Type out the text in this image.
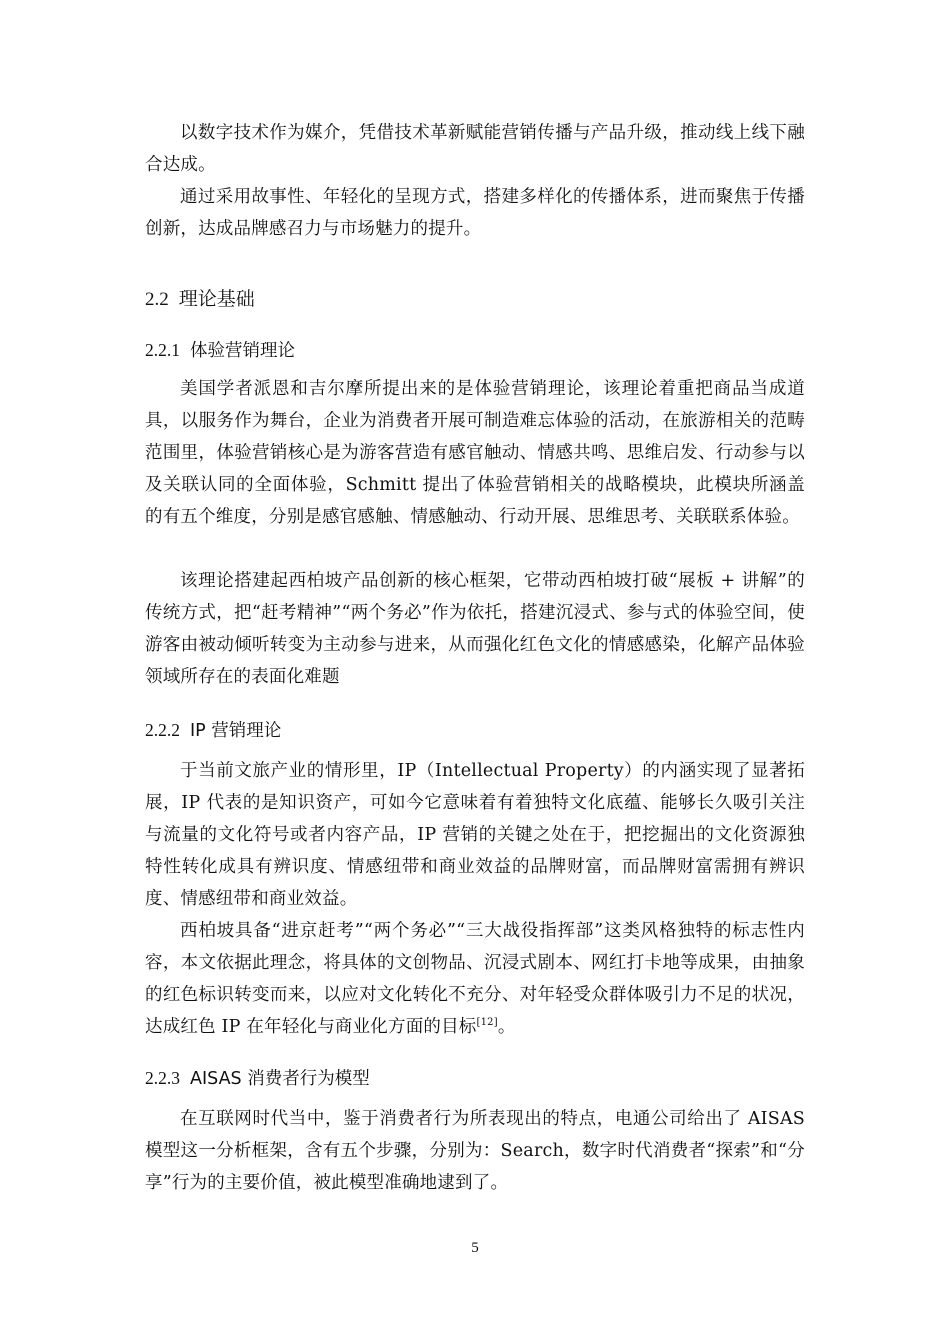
以数字技术作为媒介，凭借技术革新赋能营销传播与产品升级，推动线上线下融合达成。

通过采用故事性、年轻化的呈现方式，搭建多样化的传播体系，进而聚焦于传播创新，达成品牌感召力与市场魅力的提升。

2.2 理论基础
2.2.1 体验营销理论

美国学者派恩和吉尔摩所提出来的是体验营销理论，该理论着重把商品当成道具，以服务作为舞台，企业为消费者开展可制造难忘体验的活动，在旅游相关的范畴范围里，体验营销核心是为游客营造有感官触动、情感共鸣、思维启发、行动参与以及关联认同的全面体验，Schmitt 提出了体验营销相关的战略模块，此模块所涵盖的有五个维度，分别是感官感触、情感触动、行动开展、思维思考、关联联系体验。

该理论搭建起西柏坡产品创新的核心框架，它带动西柏坡打破“展板 + 讲解”的传统方式，把“赶考精神”“两个务必”作为依托，搭建沉浸式、参与式的体验空间，使游客由被动倾听转变为主动参与进来，从而强化红色文化的情感感染，化解产品体验领域所存在的表面化难题

2.2.2 IP 营销理论

于当前文旅产业的情形里，IP（Intellectual Property）的内涵实现了显著拓展，IP 代表的是知识资产，可如今它意味着有着独特文化底蕴、能够长久吸引关注与流量的文化符号或者内容产品，IP 营销的关键之处在于，把挖掘出的文化资源独特性转化成具有辨识度、情感纽带和商业效益的品牌财富，而品牌财富需拥有辨识度、情感纽带和商业效益。

西柏坡具备“进京赶考”“两个务必”“三大战役指挥部”这类风格独特的标志性内容，本文依据此理念，将具体的文创物品、沉浸式剧本、网红打卡地等成果，由抽象的红色标识转变而来，以应对文化转化不充分、对年轻受众群体吸引力不足的状况，达成红色 IP 在年轻化与商业化方面的目标[12]。

2.2.3 AISAS 消费者行为模型

在互联网时代当中，鉴于消费者行为所表现出的特点，电通公司给出了 AISAS 模型这一分析框架，含有五个步骤，分别为：Search，数字时代消费者“探索”和“分享”行为的主要价值，被此模型准确地逮到了。

5
